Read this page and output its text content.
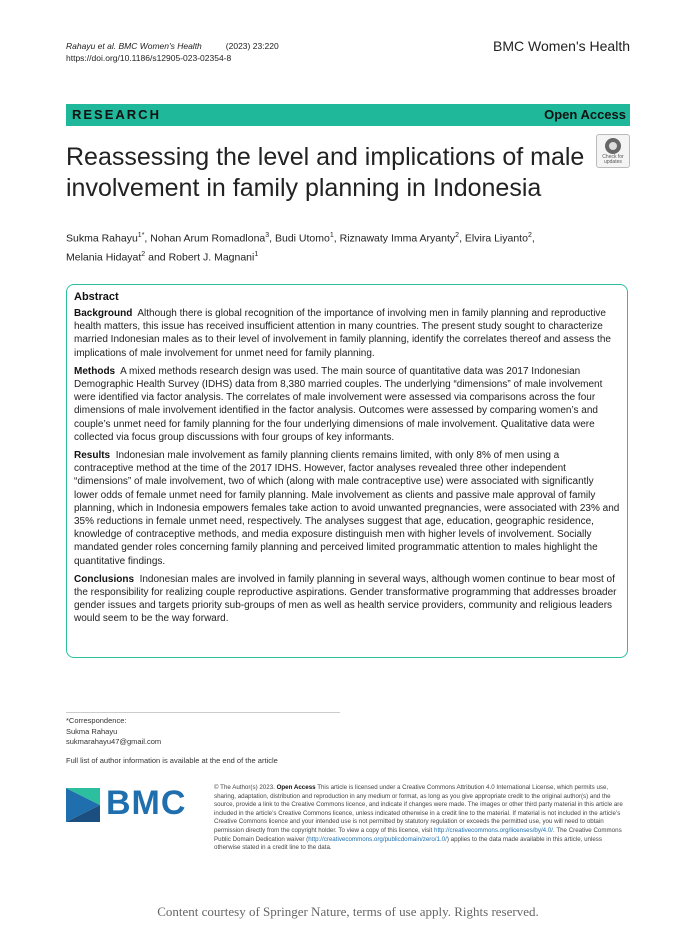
Rahayu et al. BMC Women's Health	(2023) 23:220
https://doi.org/10.1186/s12905-023-02354-8
BMC Women's Health
RESEARCH	Open Access
Reassessing the level and implications of male involvement in family planning in Indonesia
Check for updates
Sukma Rahayu$^{1*}$, Nohan Arum Romadlona$^3$, Budi Utomo$^1$, Riznawaty Imma Aryanty$^2$, Elvira Liyanto$^2$,
Melania Hidayat$^2$ and Robert J. Magnani$^1$
Abstract

Background Although there is global recognition of the importance of involving men in family planning and reproductive health matters, this issue has received insufficient attention in many countries. The present study sought to characterize married Indonesian males as to their level of involvement in family planning, identify the correlates thereof and assess the implications of male involvement for unmet need for family planning.

Methods A mixed methods research design was used. The main source of quantitative data was 2017 Indonesian Demographic Health Survey (IDHS) data from 8,380 married couples. The underlying “dimensions” of male involvement were identified via factor analysis. The correlates of male involvement were assessed via comparisons across the four dimensions of male involvement identified in the factor analysis. Outcomes were assessed by comparing women’s and couple’s unmet need for family planning for the four underlying dimensions of male involvement. Qualitative data were collected via focus group discussions with four groups of key informants.

Results Indonesian male involvement as family planning clients remains limited, with only 8% of men using a contraceptive method at the time of the 2017 IDHS. However, factor analyses revealed three other independent “dimensions” of male involvement, two of which (along with male contraceptive use) were associated with significantly lower odds of female unmet need for family planning. Male involvement as clients and passive male approval of family planning, which in Indonesia empowers females take action to avoid unwanted pregnancies, were associated with 23% and 35% reductions in female unmet need, respectively. The analyses suggest that age, education, geographic residence, knowledge of contraceptive methods, and media exposure distinguish men with higher levels of involvement. Socially mandated gender roles concerning family planning and perceived limited programmatic attention to males highlight the quantitative findings.

Conclusions Indonesian males are involved in family planning in several ways, although women continue to bear most of the responsibility for realizing couple reproductive aspirations. Gender transformative programming that addresses broader gender issues and targets priority sub-groups of men as well as health service providers, community and religious leaders would seem to be the way forward.

*Correspondence:
Sukma Rahayu
sukmarahayu47@gmail.com
Full list of author information is available at the end of the article
BMC	© The Author(s) 2023. Open Access This article is licensed under a Creative Commons Attribution 4.0 International License, which permits use, sharing, adaptation, distribution and reproduction in any medium or format, as long as you give appropriate credit to the original author(s) and the source, provide a link to the Creative Commons licence, and indicate if changes were made. The images or other third party material in this article are included in the article’s Creative Commons licence, unless indicated otherwise in a credit line to the material. If material is not included in the article’s Creative Commons licence and your intended use is not permitted by statutory regulation or exceeds the permitted use, you will need to obtain permission directly from the copyright holder. To view a copy of this licence, visit http://creativecommons.org/licenses/by/4.0/. The Creative Commons Public Domain Dedication waiver (http://creativecommons.org/publicdomain/zero/1.0/) applies to the data made available in this article, unless otherwise stated in a credit line to the data.
Content courtesy of Springer Nature, terms of use apply. Rights reserved.
